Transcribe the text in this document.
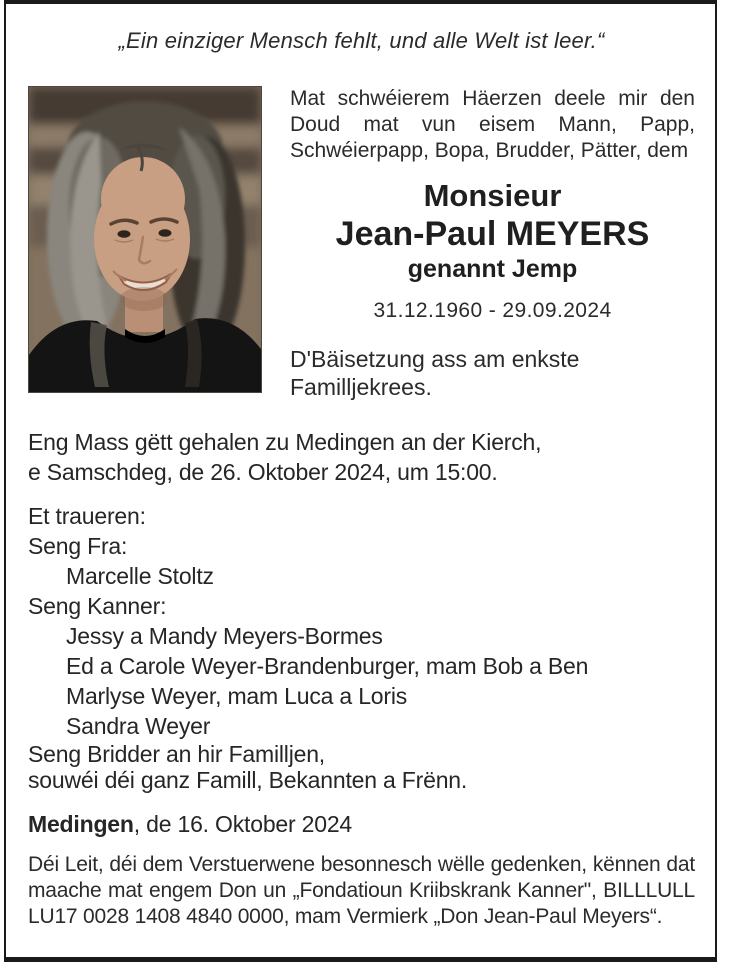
„Ein einziger Mensch fehlt, und alle Welt ist leer.“

Mat schwéierem Häerzen deele mir den Doud mat vun eisem Mann, Papp, Schwéierpapp, Bopa, Brudder, Pätter, dem

Monsieur
Jean-Paul MEYERS
genannt Jemp
31.12.1960 - 29.09.2024

D'Bäisetzung ass am enkste Familljekrees.

Eng Mass gëtt gehalen zu Medingen an der Kierch,
e Samschdeg, de 26. Oktober 2024, um 15:00.
Et traueren:
Seng Fra:
Marcelle Stoltz
Seng Kanner:
Jessy a Mandy Meyers-Bormes
Ed a Carole Weyer-Brandenburger, mam Bob a Ben
Marlyse Weyer, mam Luca a Loris
Sandra Weyer
Seng Bridder an hir Familljen,
souwéi déi ganz Famill, Bekannten a Frënn.
Medingen, de 16. Oktober 2024

Déi Leit, déi dem Verstuerwene besonnesch wëlle gedenken, kënnen dat maache mat engem Don un „Fondatioun Kriibskrank Kanner", BILLLULL LU17 0028 1408 4840 0000, mam Vermierk „Don Jean-Paul Meyers“.
